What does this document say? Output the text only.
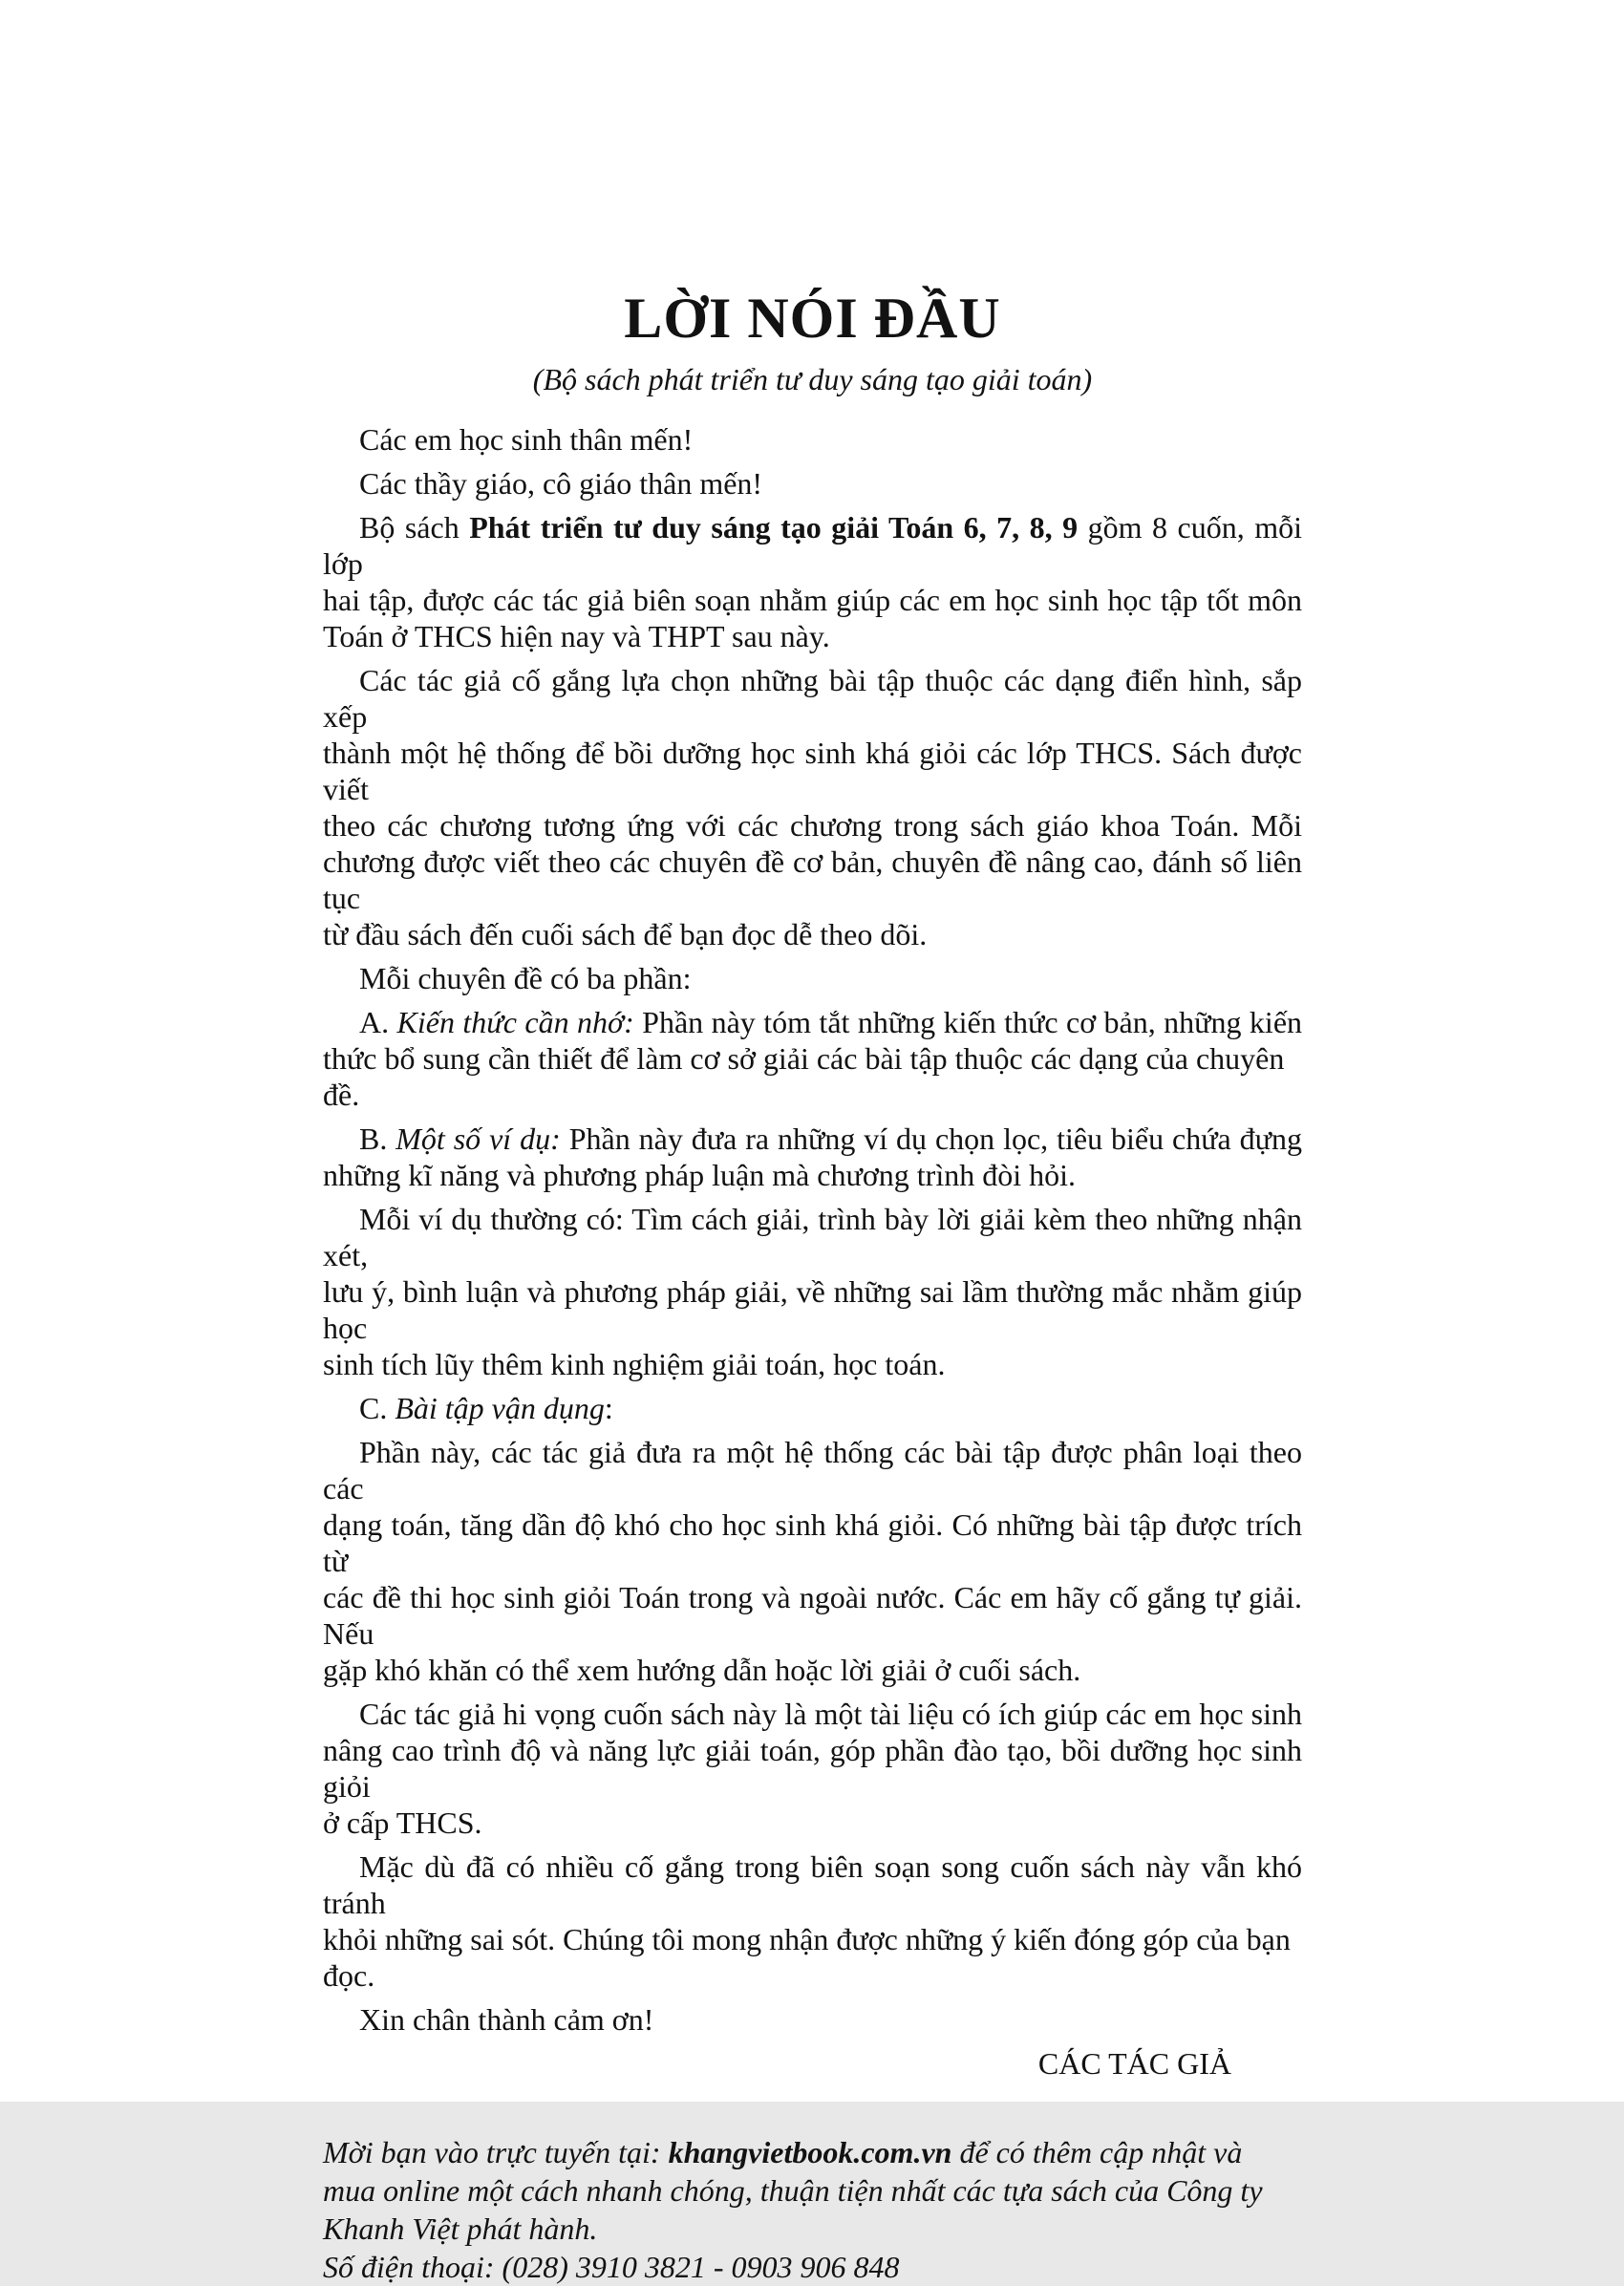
LỜI NÓI ĐẦU
(Bộ sách phát triển tư duy sáng tạo giải toán)
Các em học sinh thân mến!
Các thầy giáo, cô giáo thân mến!
Bộ sách Phát triển tư duy sáng tạo giải Toán 6, 7, 8, 9 gồm 8 cuốn, mỗi lớp
hai tập, được các tác giả biên soạn nhằm giúp các em học sinh học tập tốt môn
Toán ở THCS hiện nay và THPT sau này.
Các tác giả cố gắng lựa chọn những bài tập thuộc các dạng điển hình, sắp xếp
thành một hệ thống để bồi dưỡng học sinh khá giỏi các lớp THCS. Sách được viết
theo các chương tương ứng với các chương trong sách giáo khoa Toán. Mỗi
chương được viết theo các chuyên đề cơ bản, chuyên đề nâng cao, đánh số liên tục
từ đầu sách đến cuối sách để bạn đọc dễ theo dõi.
Mỗi chuyên đề có ba phần:
A. Kiến thức cần nhớ: Phần này tóm tắt những kiến thức cơ bản, những kiến
thức bổ sung cần thiết để làm cơ sở giải các bài tập thuộc các dạng của chuyên đề.
B. Một số ví dụ: Phần này đưa ra những ví dụ chọn lọc, tiêu biểu chứa đựng
những kĩ năng và phương pháp luận mà chương trình đòi hỏi.
Mỗi ví dụ thường có: Tìm cách giải, trình bày lời giải kèm theo những nhận xét,
lưu ý, bình luận và phương pháp giải, về những sai lầm thường mắc nhằm giúp học
sinh tích lũy thêm kinh nghiệm giải toán, học toán.
C. Bài tập vận dụng:
Phần này, các tác giả đưa ra một hệ thống các bài tập được phân loại theo các
dạng toán, tăng dần độ khó cho học sinh khá giỏi. Có những bài tập được trích từ
các đề thi học sinh giỏi Toán trong và ngoài nước. Các em hãy cố gắng tự giải. Nếu
gặp khó khăn có thể xem hướng dẫn hoặc lời giải ở cuối sách.
Các tác giả hi vọng cuốn sách này là một tài liệu có ích giúp các em học sinh
nâng cao trình độ và năng lực giải toán, góp phần đào tạo, bồi dưỡng học sinh giỏi
ở cấp THCS.
Mặc dù đã có nhiều cố gắng trong biên soạn song cuốn sách này vẫn khó tránh
khỏi những sai sót. Chúng tôi mong nhận được những ý kiến đóng góp của bạn đọc.
Xin chân thành cảm ơn!
CÁC TÁC GIẢ
Mời bạn vào trực tuyến tại: khangvietbook.com.vn để có thêm cập nhật và
mua online một cách nhanh chóng, thuận tiện nhất các tựa sách của Công ty
Khanh Việt phát hành.
Số điện thoại: (028) 3910 3821 - 0903 906 848
